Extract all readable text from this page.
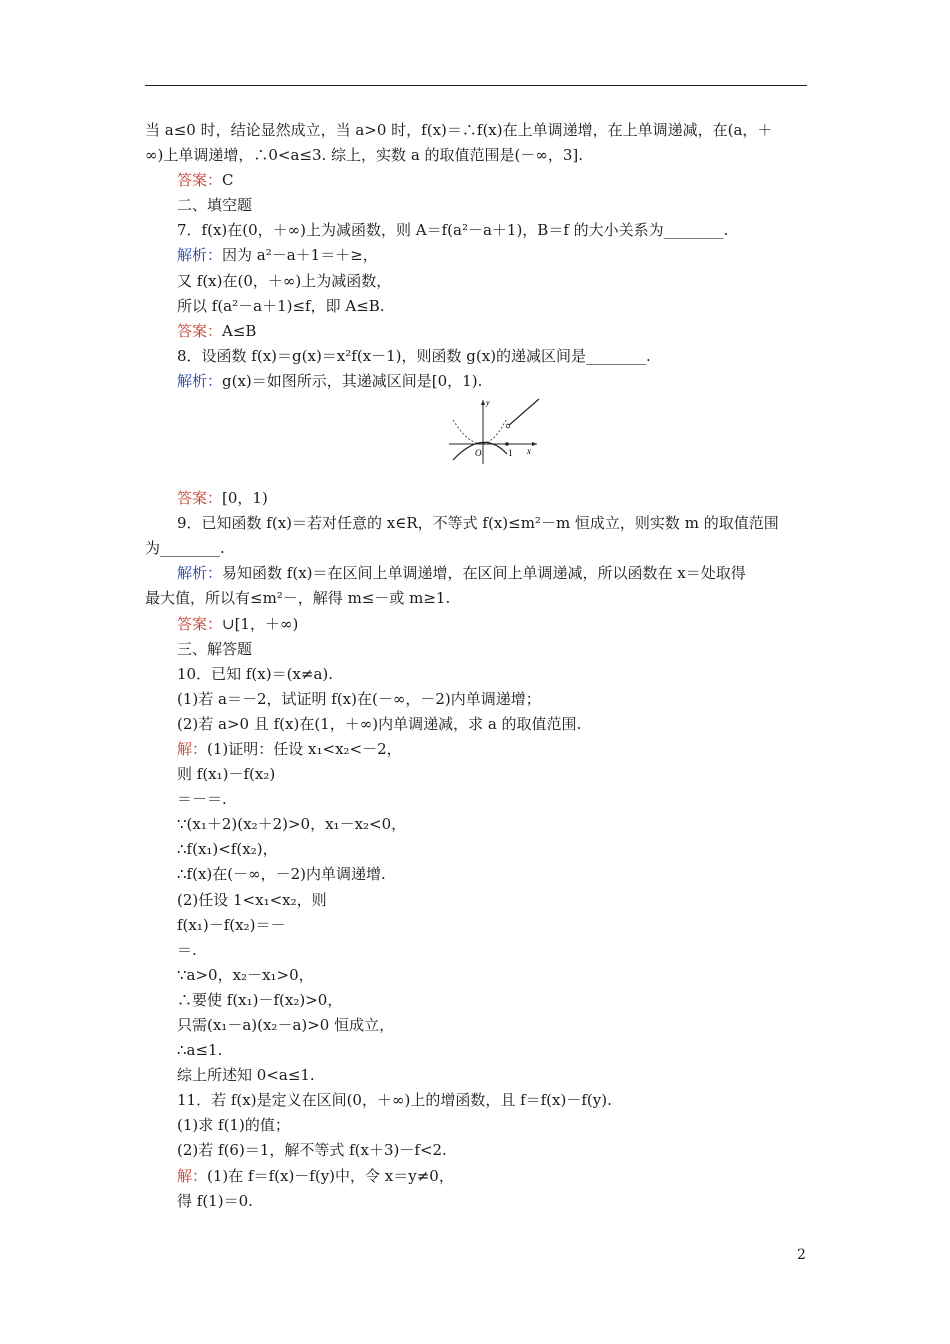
当 a≤0 时，结论显然成立，当 a>0 时，f(x)＝∴f(x)在上单调递增，在上单调递减，在(a，＋
∞)上单调递增，∴0<a≤3. 综上，实数 a 的取值范围是(－∞，3].
答案：C
二、填空题
7．f(x)在(0，＋∞)上为减函数，则 A＝f(a²－a＋1)，B＝f 的大小关系为________.
解析：因为 a²－a＋1＝＋≥，
又 f(x)在(0，＋∞)上为减函数，
所以 f(a²－a＋1)≤f，即 A≤B.
答案：A≤B
8．设函数 f(x)＝g(x)＝x²f(x－1)，则函数 g(x)的递减区间是________.
解析：g(x)＝如图所示，其递减区间是[0，1).
O	1 x
y
答案：[0，1)
9．已知函数 f(x)＝若对任意的 x∈R，不等式 f(x)≤m²－m 恒成立，则实数 m 的取值范围
为________.
解析：易知函数 f(x)＝在区间上单调递增，在区间上单调递减，所以函数在 x＝处取得
最大值，所以有≤m²－，解得 m≤－或 m≥1.
答案：∪[1，＋∞)
三、解答题
10．已知 f(x)＝(x≠a).
(1)若 a＝－2，试证明 f(x)在(－∞，－2)内单调递增；
(2)若 a>0 且 f(x)在(1，＋∞)内单调递减，求 a 的取值范围.
解：(1)证明：任设 x₁<x₂<－2，
则 f(x₁)－f(x₂)
＝－＝.
∵(x₁＋2)(x₂＋2)>0，x₁－x₂<0，
∴f(x₁)<f(x₂)，
∴f(x)在(－∞，－2)内单调递增.
(2)任设 1<x₁<x₂，则
f(x₁)－f(x₂)＝－
＝.
∵a>0，x₂－x₁>0，
∴要使 f(x₁)－f(x₂)>0，
只需(x₁－a)(x₂－a)>0 恒成立，
∴a≤1.
综上所述知 0<a≤1.
11．若 f(x)是定义在区间(0，＋∞)上的增函数，且 f＝f(x)－f(y).
(1)求 f(1)的值；
(2)若 f(6)＝1，解不等式 f(x＋3)－f<2.
解：(1)在 f＝f(x)－f(y)中，令 x＝y≠0，
得 f(1)＝0.
2
